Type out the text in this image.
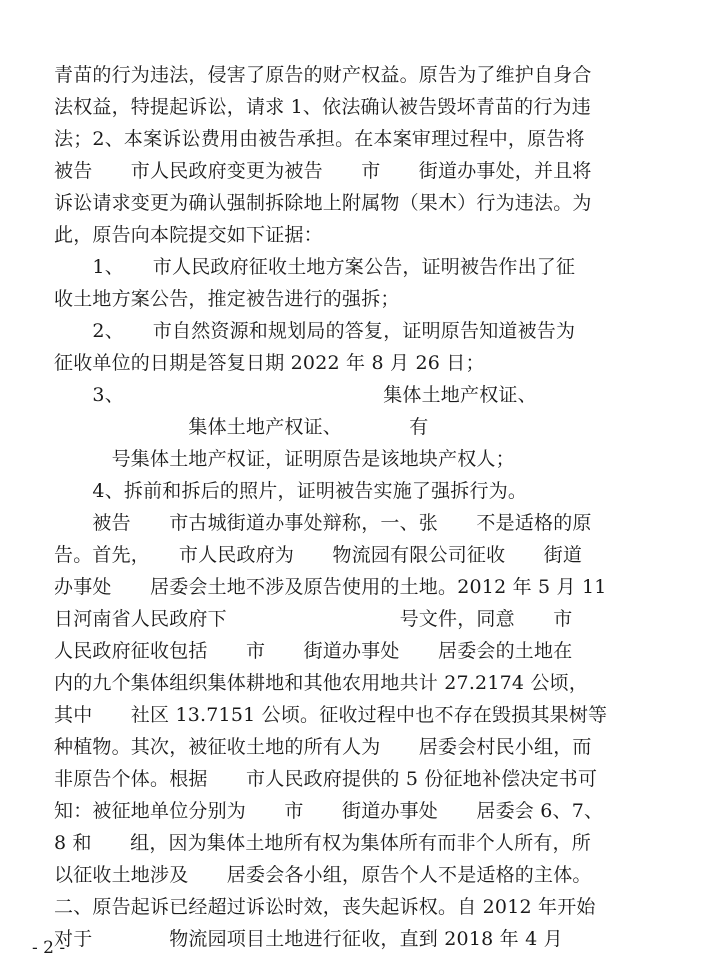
青苗的行为违法，侵害了原告的财产权益。原告为了维护自身合
法权益，特提起诉讼，请求 1、依法确认被告毁坏青苗的行为违
法；2、本案诉讼费用由被告承担。在本案审理过程中，原告将
被告　　市人民政府变更为被告　　市　　街道办事处，并且将
诉讼请求变更为确认强制拆除地上附属物（果木）行为违法。为
此，原告向本院提交如下证据：
　　1、　　市人民政府征收土地方案公告，证明被告作出了征
收土地方案公告，推定被告进行的强拆；
　　2、　　市自然资源和规划局的答复，证明原告知道被告为
征收单位的日期是答复日期 2022 年 8 月 26 日；
　　3、　　　　　　　　　　　　　　集体土地产权证、
　　　　　　　集体土地产权证、　　　　有　　　　　　　
　　　号集体土地产权证，证明原告是该地块产权人；
　　4、拆前和拆后的照片，证明被告实施了强拆行为。
　　被告　　市古城街道办事处辩称，一、张　　不是适格的原
告。首先，　　市人民政府为　　物流园有限公司征收　　街道
办事处　　居委会土地不涉及原告使用的土地。2012 年 5 月 11
日河南省人民政府下　　　　　　　　　号文件，同意　　市
人民政府征收包括　　市　　街道办事处　　居委会的土地在
内的九个集体组织集体耕地和其他农用地共计 27.2174 公顷，
其中　　社区 13.7151 公顷。征收过程中也不存在毁损其果树等
种植物。其次，被征收土地的所有人为　　居委会村民小组，而
非原告个体。根据　　市人民政府提供的 5 份征地补偿决定书可
知：被征地单位分别为　　市　　街道办事处　　居委会 6、7、
8 和　　组，因为集体土地所有权为集体所有而非个人所有，所
以征收土地涉及　　居委会各小组，原告个人不是适格的主体。
二、原告起诉已经超过诉讼时效，丧失起诉权。自 2012 年开始
对于　　　　物流园项目土地进行征收，直到 2018 年 4 月
- 2 -
